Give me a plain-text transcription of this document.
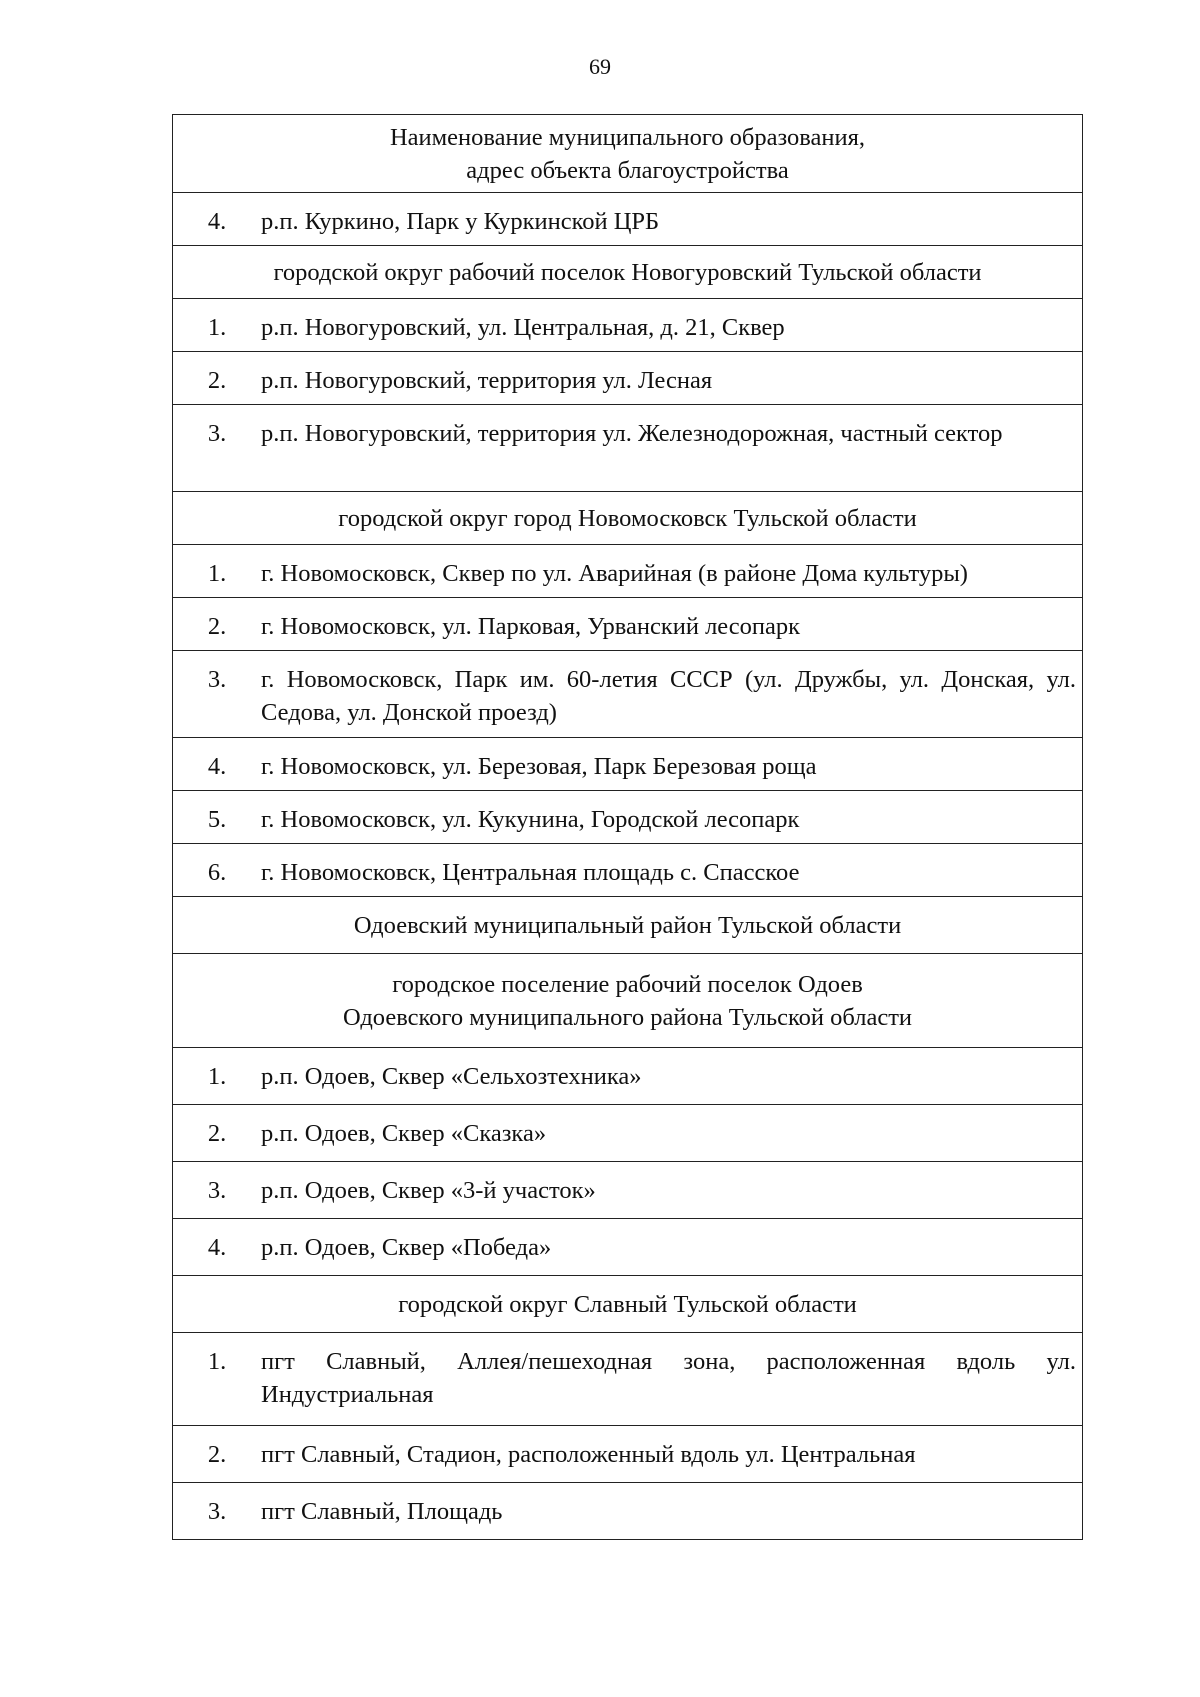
69
Наименование муниципального образования,
адрес объекта благоустройства

4.	р.п. Куркино, Парк у Куркинской ЦРБ

городской округ рабочий поселок Новогуровский Тульской области

1.	р.п. Новогуровский, ул. Центральная, д. 21, Сквер

2.	р.п. Новогуровский, территория ул. Лесная

3.	р.п. Новогуровский, территория ул. Железнодорожная, частный сектор

городской округ город Новомосковск Тульской области

1.	г. Новомосковск, Сквер по ул. Аварийная (в районе Дома культуры)

2.	г. Новомосковск, ул. Парковая, Урванский лесопарк

3.	г. Новомосковск, Парк им. 60-летия СССР (ул. Дружбы, ул. Донская, ул. Седова, ул. Донской проезд)

4.	г. Новомосковск, ул. Березовая, Парк Березовая роща

5.	г. Новомосковск, ул. Кукунина, Городской лесопарк

6.	г. Новомосковск, Центральная площадь с. Спасское

Одоевский муниципальный район Тульской области

городское поселение рабочий поселок Одоев
Одоевского муниципального района Тульской области

1.	р.п. Одоев, Сквер «Сельхозтехника»

2.	р.п. Одоев, Сквер «Сказка»

3.	р.п. Одоев, Сквер «3-й участок»

4.	р.п. Одоев, Сквер «Победа»

городской округ Славный Тульской области

1.	пгт Славный, Аллея/пешеходная зона, расположенная вдоль ул. Индустриальная

2.	пгт Славный, Стадион, расположенный вдоль ул. Центральная

3.	пгт Славный, Площадь
